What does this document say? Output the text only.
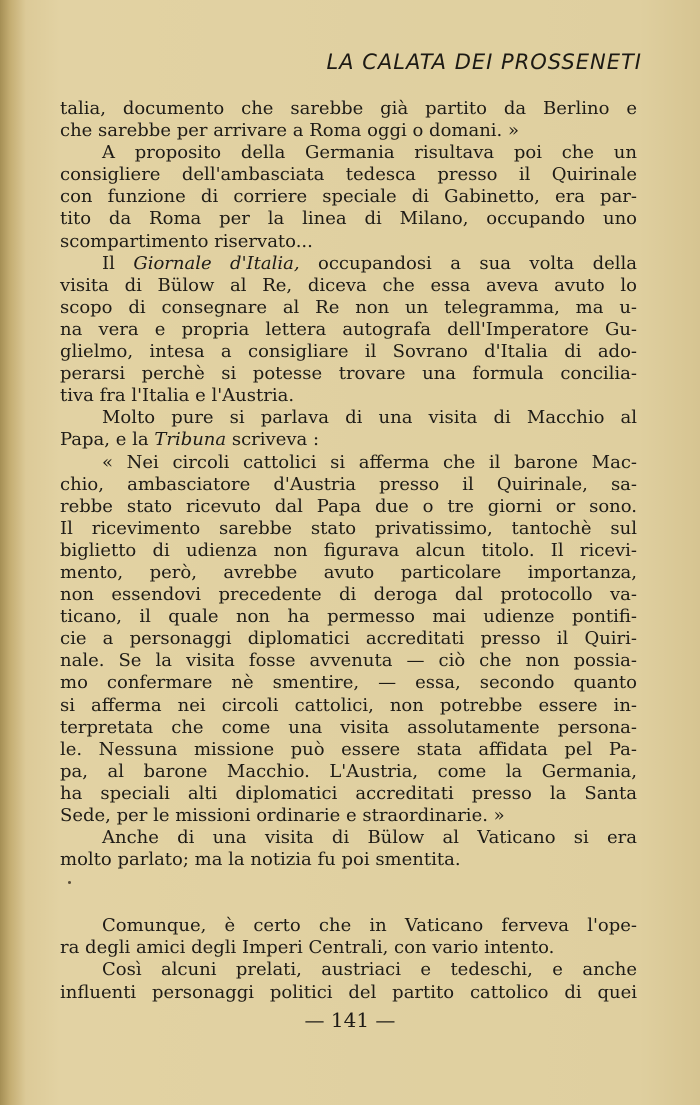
LA CALATA DEI PROSSENETI
talia, documento che sarebbe già partito da Berlino e
che sarebbe per arrivare a Roma oggi o domani. »
A proposito della Germania risultava poi che un
consigliere dell'ambasciata tedesca presso il Quirinale
con funzione di corriere speciale di Gabinetto, era par-
tito da Roma per la linea di Milano, occupando uno
scompartimento riservato...
Il Giornale d'Italia, occupandosi a sua volta della
visita di Bülow al Re, diceva che essa aveva avuto lo
scopo di consegnare al Re non un telegramma, ma u-
na vera e propria lettera autografa dell'Imperatore Gu-
glielmo, intesa a consigliare il Sovrano d'Italia di ado-
perarsi perchè si potesse trovare una formula concilia-
tiva fra l'Italia e l'Austria.
Molto pure si parlava di una visita di Macchio al
Papa, e la Tribuna scriveva :
« Nei circoli cattolici si afferma che il barone Mac-
chio, ambasciatore d'Austria presso il Quirinale, sa-
rebbe stato ricevuto dal Papa due o tre giorni or sono.
Il ricevimento sarebbe stato privatissimo, tantochè sul
biglietto di udienza non figurava alcun titolo. Il ricevi-
mento, però, avrebbe avuto particolare importanza,
non essendovi precedente di deroga dal protocollo va-
ticano, il quale non ha permesso mai udienze pontifi-
cie a personaggi diplomatici accreditati presso il Quiri-
nale. Se la visita fosse avvenuta — ciò che non possia-
mo confermare nè smentire, — essa, secondo quanto
si afferma nei circoli cattolici, non potrebbe essere in-
terpretata che come una visita assolutamente persona-
le. Nessuna missione può essere stata affidata pel Pa-
pa, al barone Macchio. L'Austria, come la Germania,
ha speciali alti diplomatici accreditati presso la Santa
Sede, per le missioni ordinarie e straordinarie. »
Anche di una visita di Bülow al Vaticano si era
molto parlato; ma la notizia fu poi smentita.
Comunque, è certo che in Vaticano ferveva l'ope-
ra degli amici degli Imperi Centrali, con vario intento.
Così alcuni prelati, austriaci e tedeschi, e anche
influenti personaggi politici del partito cattolico di quei
— 141 —
